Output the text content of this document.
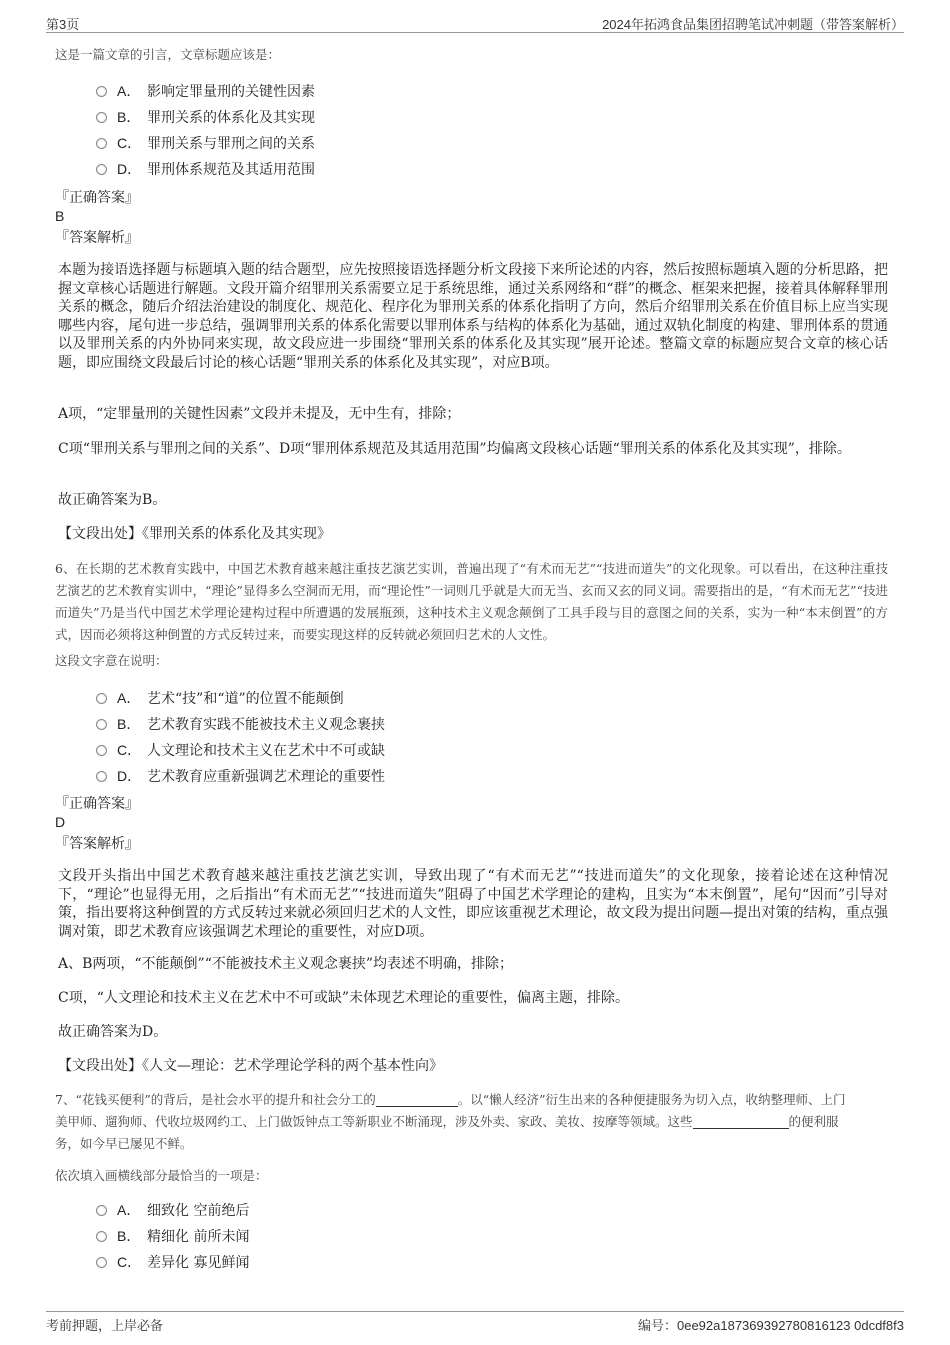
第3页	2024年拓鸿食品集团招聘笔试冲刺题（带答案解析）
这是一篇文章的引言，文章标题应该是：
A． 影响定罪量刑的关键性因素
B． 罪刑关系的体系化及其实现
C． 罪刑关系与罪刑之间的关系
D． 罪刑体系规范及其适用范围
『正确答案』
B
『答案解析』
本题为接语选择题与标题填入题的结合题型，应先按照接语选择题分析文段接下来所论述的内容，然后按照标题填入题的分析思路，把握文章核心话题进行解题。文段开篇介绍罪刑关系需要立足于系统思维，通过关系网络和“群”的概念、框架来把握，接着具体解释罪刑关系的概念，随后介绍法治建设的制度化、规范化、程序化为罪刑关系的体系化指明了方向，然后介绍罪刑关系在价值目标上应当实现哪些内容，尾句进一步总结，强调罪刑关系的体系化需要以罪刑体系与结构的体系化为基础，通过双轨化制度的构建、罪刑体系的贯通以及罪刑关系的内外协同来实现，故文段应进一步围绕“罪刑关系的体系化及其实现”展开论述。整篇文章的标题应契合文章的核心话题，即应围绕文段最后讨论的核心话题“罪刑关系的体系化及其实现”，对应B项。
A项，“定罪量刑的关键性因素”文段并未提及，无中生有，排除；
C项“罪刑关系与罪刑之间的关系”、D项“罪刑体系规范及其适用范围”均偏离文段核心话题“罪刑关系的体系化及其实现”，排除。
故正确答案为B。
【文段出处】《罪刑关系的体系化及其实现》
6、在长期的艺术教育实践中，中国艺术教育越来越注重技艺演艺实训，普遍出现了“有术而无艺”“技进而道失”的文化现象。可以看出，在这种注重技艺演艺的艺术教育实训中，“理论”显得多么空洞而无用，而“理论性”一词则几乎就是大而无当、玄而又玄的同义词。需要指出的是，“有术而无艺”“技进而道失”乃是当代中国艺术学理论建构过程中所遭遇的发展瓶颈，这种技术主义观念颠倒了工具手段与目的意图之间的关系，实为一种“本末倒置”的方式，因而必须将这种倒置的方式反转过来，而要实现这样的反转就必须回归艺术的人文性。
这段文字意在说明：
A． 艺术“技”和“道”的位置不能颠倒
B． 艺术教育实践不能被技术主义观念裹挟
C． 人文理论和技术主义在艺术中不可或缺
D． 艺术教育应重新强调艺术理论的重要性
『正确答案』
D
『答案解析』
文段开头指出中国艺术教育越来越注重技艺演艺实训，导致出现了“有术而无艺”“技进而道失”的文化现象，接着论述在这种情况下，“理论”也显得无用，之后指出“有术而无艺”“技进而道失”阻碍了中国艺术学理论的建构，且实为“本末倒置”，尾句“因而”引导对策，指出要将这种倒置的方式反转过来就必须回归艺术的人文性，即应该重视艺术理论，故文段为提出问题—提出对策的结构，重点强调对策，即艺术教育应该强调艺术理论的重要性，对应D项。
A、B两项，“不能颠倒”“不能被技术主义观念裹挟”均表述不明确，排除；
C项，“人文理论和技术主义在艺术中不可或缺”未体现艺术理论的重要性，偏离主题，排除。
故正确答案为D。
【文段出处】《人文—理论：艺术学理论学科的两个基本性向》
7、“花钱买便利”的背后，是社会水平的提升和社会分工的	。以“懒人经济”衍生出来的各种便捷服务为切入点，收纳整理师、上门
美甲师、遛狗师、代收垃圾网约工、上门做饭钟点工等新职业不断涌现，涉及外卖、家政、美妆、按摩等领域。这些	的便利服
务，如今早已屡见不鲜。
依次填入画横线部分最恰当的一项是：
A． 细致化 空前绝后
B． 精细化 前所未闻
C． 差异化 寡见鲜闻
考前押题，上岸必备	编号：0ee92a187369392780816123 0dcdf8f3
